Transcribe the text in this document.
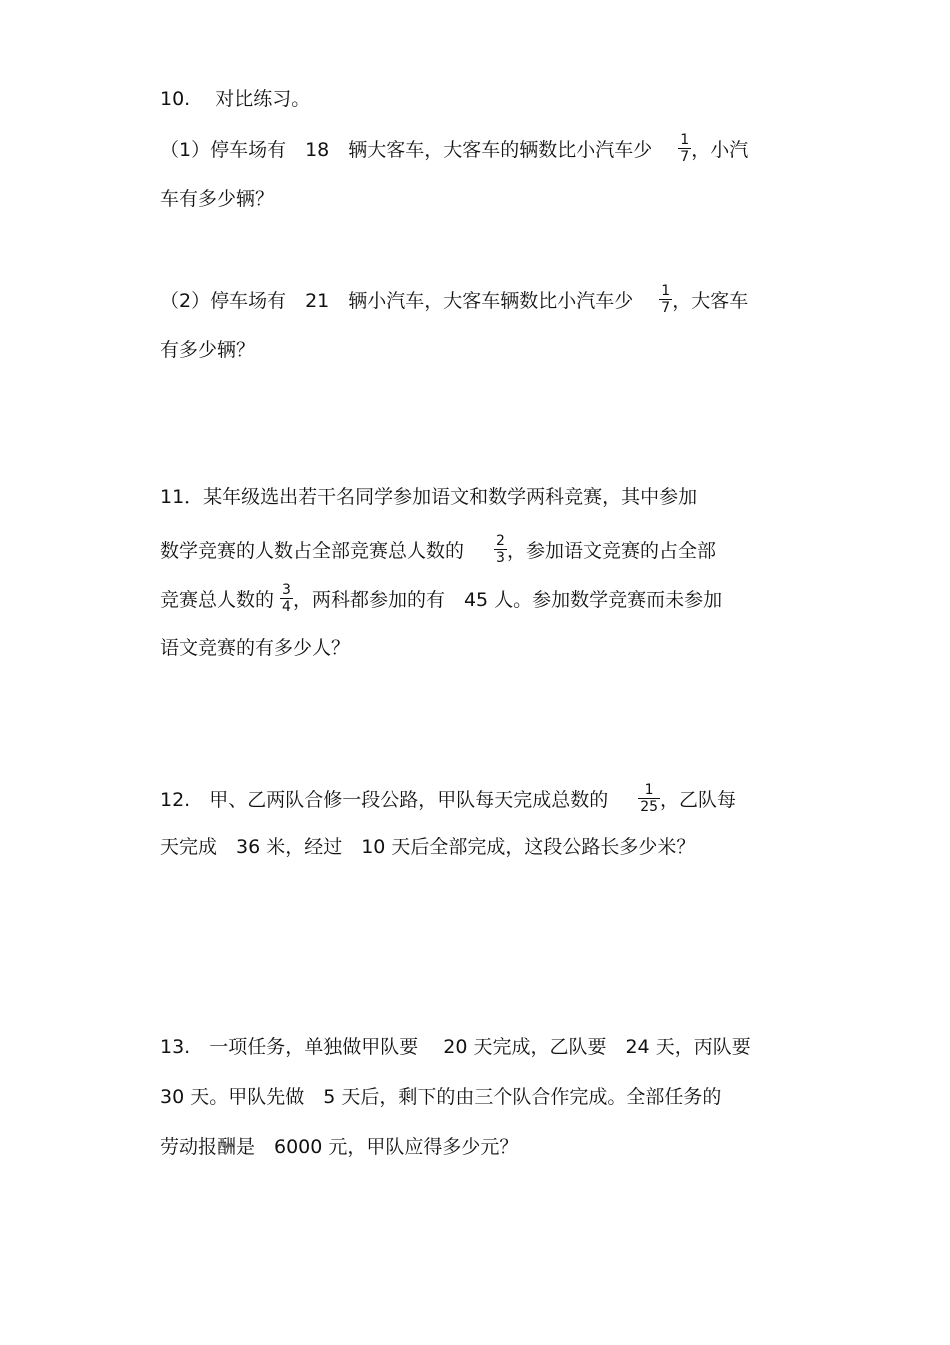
10.　 对比练习。
（1）停车场有　18　辆大客车，大客车的辆数比小汽车少 $\frac{1}{7}$ ，小汽
车有多少辆？
（2）停车场有　21　辆小汽车，大客车辆数比小汽车少 $\frac{1}{7}$ ，大客车
有多少辆？
11．某年级选出若干名同学参加语文和数学两科竞赛，其中参加
数学竞赛的人数占全部竞赛总人数的 $\frac{2}{3}$ ，参加语文竞赛的占全部
竞赛总人数的 $\frac{3}{4}$ ，两科都参加的有　45 人。参加数学竞赛而未参加
语文竞赛的有多少人？
12.　甲、乙两队合修一段公路，甲队每天完成总数的 $\frac{1}{25}$ ，乙队每
天完成　36 米，经过　10 天后全部完成，这段公路长多少米？
13.　一项任务，单独做甲队要　 20 天完成，乙队要　24 天，丙队要
30 天。甲队先做　5 天后，剩下的由三个队合作完成。全部任务的
劳动报酬是　6000 元，甲队应得多少元？
